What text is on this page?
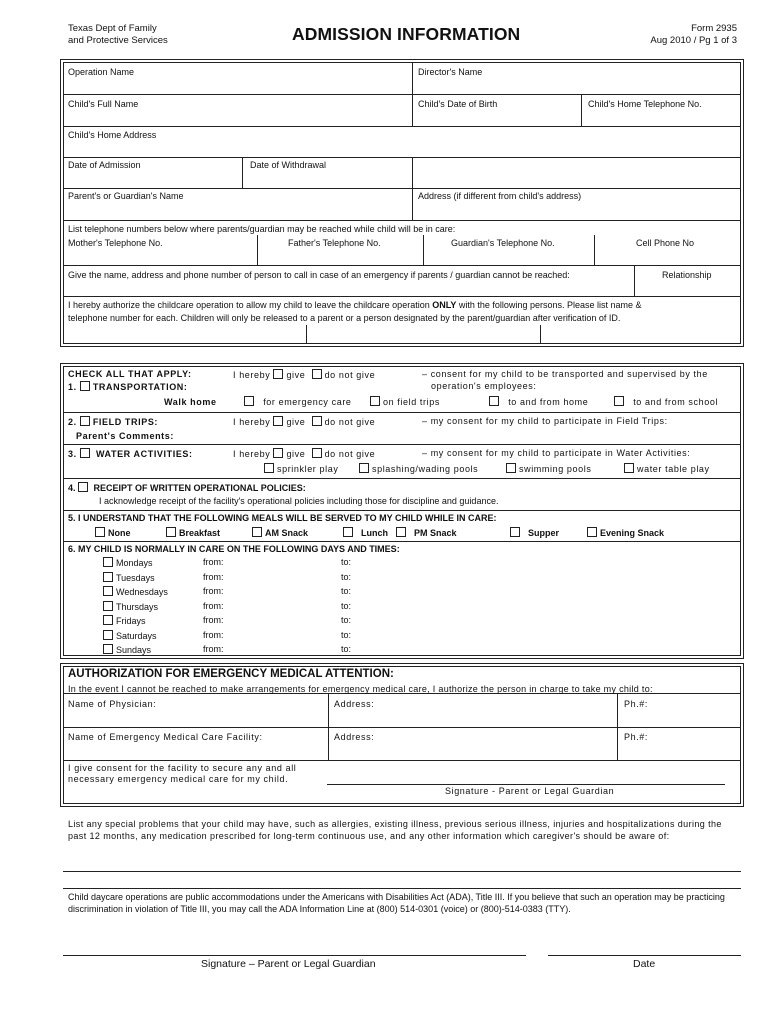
Texas Dept of Family
and Protective Services	ADMISSION INFORMATION	Form 2935
Aug 2010 / Pg 1 of 3
Operation Name	Director's Name
Child's Full Name	Child's Date of Birth	Child's Home Telephone No.
Child's Home Address
Date of Admission	Date of Withdrawal
Parent's or Guardian's Name	Address (if different from child's address)
List telephone numbers below where parents/guardian may be reached while child will be in care:
Mother's Telephone No.	Father's Telephone No.	Guardian's Telephone No.	Cell Phone No
Give the name, address and phone number of person to call in case of an emergency if parents / guardian cannot be reached:	Relationship
I hereby authorize the childcare operation to allow my child to leave the childcare operation ONLY with the following persons. Please list name &
telephone number for each. Children will only be released to a parent or a person designated by the parent/guardian after verification of ID.
CHECK ALL THAT APPLY:
1. TRANSPORTATION:
I hereby give do not give	– consent for my child to be transported and supervised by the
operation's employees:
Walk home	for emergency care	on field trips	to and from home	to and from school
2. FIELD TRIPS:	I hereby give do not give	– my consent for my child to participate in Field Trips:
Parent's Comments:
3. WATER ACTIVITIES:	I hereby give do not give	– my consent for my child to participate in Water Activities:
sprinkler play	splashing/wading pools	swimming pools	water table play
4. RECEIPT OF WRITTEN OPERATIONAL POLICIES:
I acknowledge receipt of the facility's operational policies including those for discipline and guidance.
5. I UNDERSTAND THAT THE FOLLOWING MEALS WILL BE SERVED TO MY CHILD WHILE IN CARE:
None	Breakfast	AM Snack	Lunch	PM Snack	Supper	Evening Snack
6. MY CHILD IS NORMALLY IN CARE ON THE FOLLOWING DAYS AND TIMES:
Mondays	from:	to:
Tuesdays	from:	to:
Wednesdays	from:	to:
Thursdays	from:	to:
Fridays	from:	to:
Saturdays	from:	to:
Sundays	from:	to:
AUTHORIZATION FOR EMERGENCY MEDICAL ATTENTION:
In the event I cannot be reached to make arrangements for emergency medical care, I authorize the person in charge to take my child to:
Name of Physician:	Address:	Ph.#:
Name of Emergency Medical Care Facility:	Address:	Ph.#:
I give consent for the facility to secure any and all
necessary emergency medical care for my child.
Signature - Parent or Legal Guardian
List any special problems that your child may have, such as allergies, existing illness, previous serious illness, injuries and hospitalizations during the past 12 months, any medication prescribed for long-term continuous use, and any other information which caregiver's should be aware of:
Child daycare operations are public accommodations under the Americans with Disabilities Act (ADA), Title III. If you believe that such an operation may be practicing discrimination in violation of Title III, you may call the ADA Information Line at (800) 514-0301 (voice) or (800)-514-0383 (TTY).
Signature – Parent or Legal Guardian	Date
